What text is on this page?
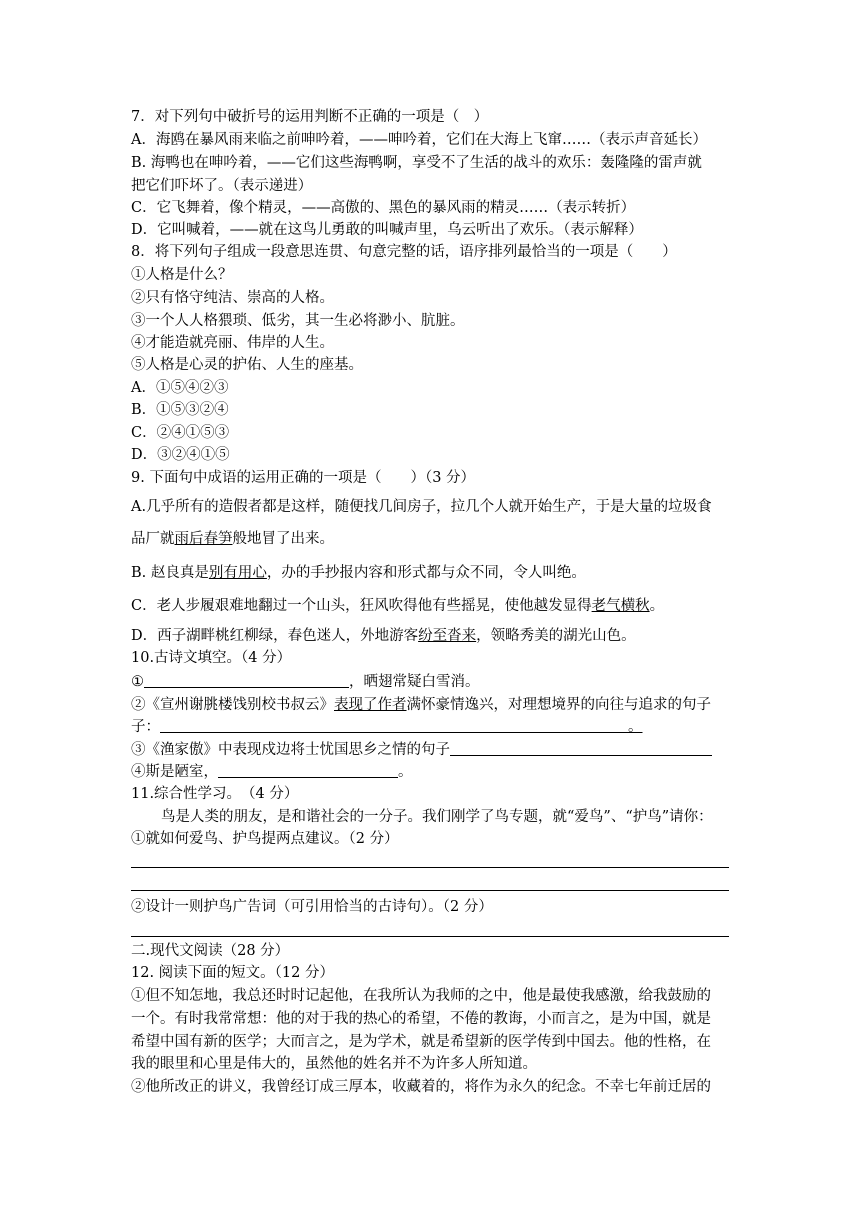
7．对下列句中破折号的运用判断不正确的一项是（　）
A．海鸥在暴风雨来临之前呻吟着，——呻吟着，它们在大海上飞窜……（表示声音延长）
B. 海鸭也在呻吟着，——它们这些海鸭啊，享受不了生活的战斗的欢乐：轰隆隆的雷声就
把它们吓坏了。（表示递进）
C．它飞舞着，像个精灵，——高傲的、黑色的暴风雨的精灵……（表示转折）
D．它叫喊着，——就在这鸟儿勇敢的叫喊声里，乌云听出了欢乐。（表示解释）
8．将下列句子组成一段意思连贯、句意完整的话，语序排列最恰当的一项是（　　）
①人格是什么？
②只有恪守纯洁、崇高的人格。
③一个人人格猥琐、低劣，其一生必将渺小、肮脏。
④才能造就亮丽、伟岸的人生。
⑤人格是心灵的护佑、人生的座基。
A．①⑤④②③
B．①⑤③②④
C．②④①⑤③
D．③②④①⑤
9. 下面句中成语的运用正确的一项是（　　）（3 分）
A.几乎所有的造假者都是这样，随便找几间房子，拉几个人就开始生产，于是大量的垃圾食
品厂就雨后春笋般地冒了出来。
B. 赵良真是别有用心，办的手抄报内容和形式都与众不同，令人叫绝。
C．老人步履艰难地翻过一个山头，狂风吹得他有些摇晃，使他越发显得老气横秋。
D．西子湖畔桃红柳绿，春色迷人，外地游客纷至沓来，领略秀美的湖光山色。
10.古诗文填空。（4 分）
①	，晒翅常疑白雪消。
②《宣州谢朓楼饯别校书叔云》表现了作者满怀豪情逸兴，对理想境界的向往与追求的句子
子：	。
③《渔家傲》中表现戍边将士忧国思乡之情的句子
④斯是陋室，	。
11.综合性学习。　（4 分）
鸟是人类的朋友，是和谐社会的一分子。我们刚学了鸟专题，就“爱鸟”、“护鸟”请你：
①就如何爱鸟、护鸟提两点建议。（2 分）
②设计一则护鸟广告词（可引用恰当的古诗句）。（2 分）
二.现代文阅读（28 分）
12. 阅读下面的短文。（12 分）
①但不知怎地，我总还时时记起他，在我所认为我师的之中，他是最使我感激，给我鼓励的
一个。有时我常常想：他的对于我的热心的希望，不倦的教诲，小而言之，是为中国，就是
希望中国有新的医学；大而言之，是为学术，就是希望新的医学传到中国去。他的性格，在
我的眼里和心里是伟大的，虽然他的姓名并不为许多人所知道。
②他所改正的讲义，我曾经订成三厚本，收藏着的，将作为永久的纪念。不幸七年前迁居的
